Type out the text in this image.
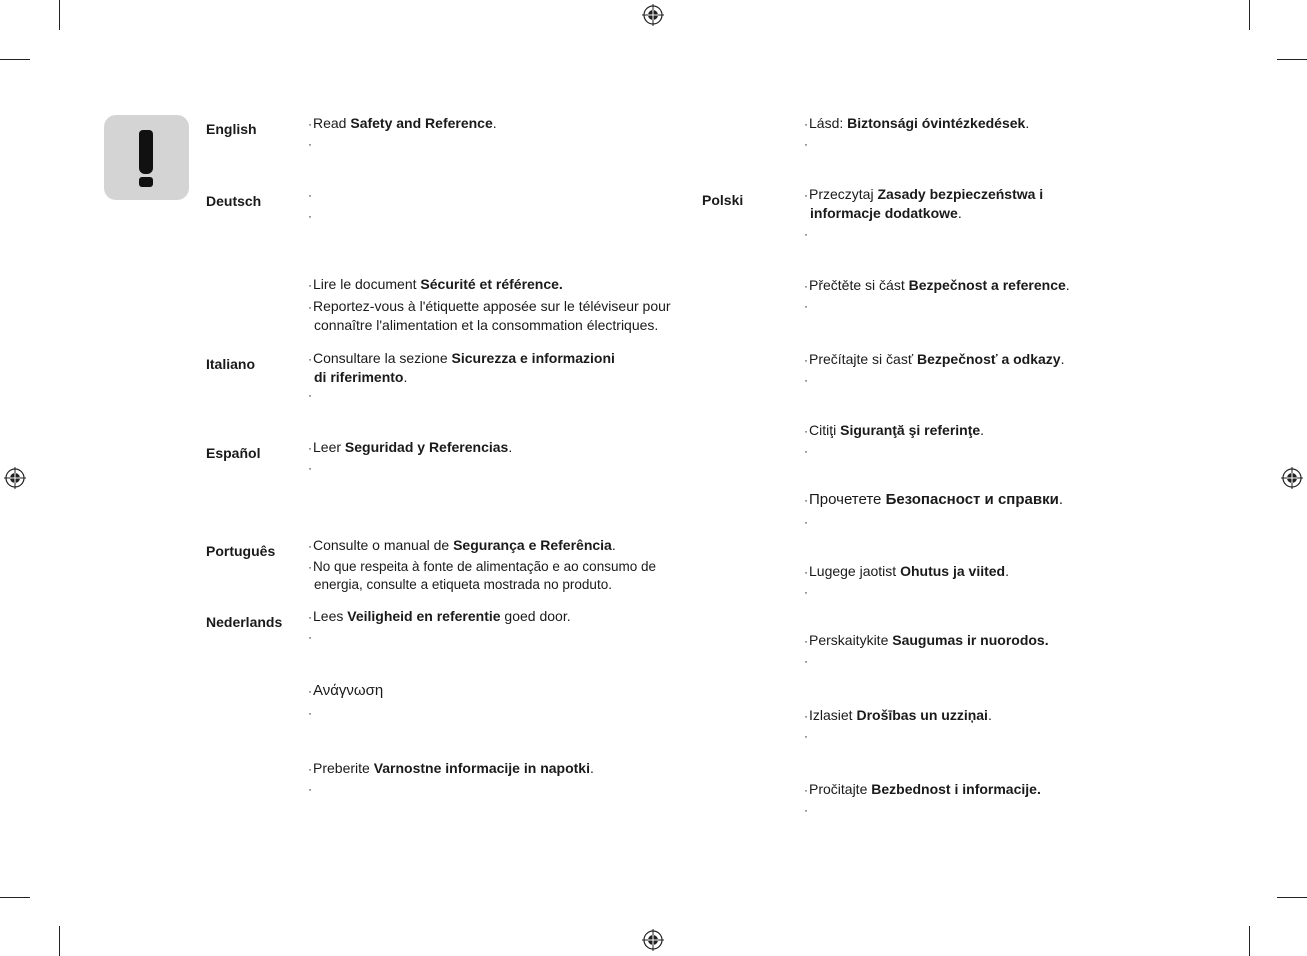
English
Deutsch
Italiano
Español
Português
Nederlands
Polski
·Read Safety and Reference.
·
·
·
·Lire le document Sécurité et référence.
·Reportez-vous à l'étiquette apposée sur le téléviseur pour
connaître l'alimentation et la consommation électriques.
·Consultare la sezione Sicurezza e informazioni
di riferimento.
·
·Leer Seguridad y Referencias.
·
·Consulte o manual de Segurança e Referência.
·No que respeita à fonte de alimentação e ao consumo de
energia, consulte a etiqueta mostrada no produto.
·Lees Veiligheid en referentie goed door.
·
·Ανάγνωση
·
·Preberite Varnostne informacije in napotki.
·
·Lásd: Biztonsági óvintézkedések.
·
·Przeczytaj Zasady bezpieczeństwa i
informacje dodatkowe.
·
·Přečtěte si část Bezpečnost a reference.
·
·Prečítajte si časť Bezpečnosť a odkazy.
·
·Citiţi Siguranţă şi referinţe.
·
·Прочетете Безопасност и справки.
·
·Lugege jaotist Ohutus ja viited.
·
·Perskaitykite Saugumas ir nuorodos.
·
·Izlasiet Drošības un uzziņai.
·
·Pročitajte Bezbednost i informacije.
·
